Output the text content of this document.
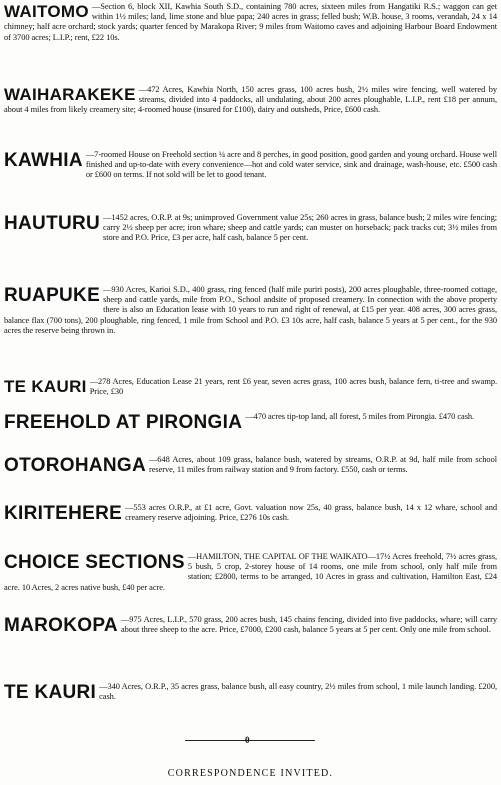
WAITOMO —Section 6, block XII, Kawhia South S.D., containing 780 acres, sixteen miles from Hangatiki R.S.; waggon can get within 1½ miles; land, lime stone and blue papa; 240 acres in grass; felled bush; W.B. house, 3 rooms, verandah, 24 x 14 chimney; half acre orchard; stock yards; quarter fenced by Marakopa River; 9 miles from Waitomo caves and adjoining Harbour Board Endowment of 3700 acres; L.I.P.; rent, £22 10s.
WAIHARAKEKE —472 Acres, Kawhia North, 150 acres grass, 100 acres bush, 2½ miles wire fencing, well watered by streams, divided into 4 paddocks, all undulating, about 200 acres ploughable, L.I.P., rent £18 per annum, about 4 miles from likely creamery site; 4-roomed house (insured for £100), dairy and outsheds, Price, £600 cash.
KAWHIA —7-roomed House on Freehold section ¼ acre and 8 perches, in good position, good garden and young orchard. House well finished and up-to-date with every convenience—hot and cold water service, sink and drainage, wash-house, etc. £500 cash or £600 on terms. If not sold will be let to good tenant.
HAUTURU —1452 acres, O.R.P. at 9s; unimproved Government value 25s; 260 acres in grass, balance bush; 2 miles wire fencing; carry 2½ sheep per acre; iron whare; sheep and cattle yards; can muster on horseback; pack tracks cut; 3½ miles from store and P.O. Price, £3 per acre, half cash, balance 5 per cent.
RUAPUKE —930 Acres, Karioi S.D., 400 grass, ring fenced (half mile puriri posts), 200 acres ploughable, three-roomed cottage, sheep and cattle yards, mile from P.O., School andsite of proposed creamery. In connection with the above property there is also an Education lease with 10 years to run and right of renewal, at £15 per year. 408 acres, 300 acres grass, balance flax (700 tons), 200 ploughable, ring fenced, 1 mile from School and P.O. £3 10s acre, half cash, balance 5 years at 5 per cent., for the 930 acres the reserve being thrown in.
TE KAURI —278 Acres, Education Lease 21 years, rent £6 year, seven acres grass, 100 acres bush, balance fern, ti-tree and swamp. Price, £30
FREEHOLD AT PIRONGIA —470 acres tip-top land, all forest, 5 miles from Pirongia. £470 cash.
OTOROHANGA —648 Acres, about 109 grass, balance bush, watered by streams, O.R.P. at 9d, half mile from school reserve, 11 miles from railway station and 9 from factory. £550, cash or terms.
KIRITEHERE —553 acres O.R.P., at £1 acre, Govt. valuation now 25s, 40 grass, balance bush, 14 x 12 whare, school and creamery reserve adjoining. Price, £276 10s cash.
CHOICE SECTIONS —HAMILTON, THE CAPITAL OF THE WAIKATO—17½ Acres freehold, 7½ acres grass, 5 bush, 5 crop, 2-storey house of 14 rooms, one mile from school, only half mile from station; £2800, terms to be arranged, 10 Acres in grass and cultivation, Hamilton East, £24 acre. 10 Acres, 2 acres native bush, £40 per acre.
MAROKOPA —975 Acres, L.I.P., 570 grass, 200 acres bush, 145 chains fencing, divided into five paddocks, whare; will carry about three sheep to the acre. Price, £7000, £200 cash, balance 5 years at 5 per cent. Only one mile from school.
TE KAURI —340 Acres, O.R.P., 35 acres grass, balance bush, all easy country, 2½ miles from school, 1 mile launch landing. £200, cash.
0
CORRESPONDENCE INVITED.
